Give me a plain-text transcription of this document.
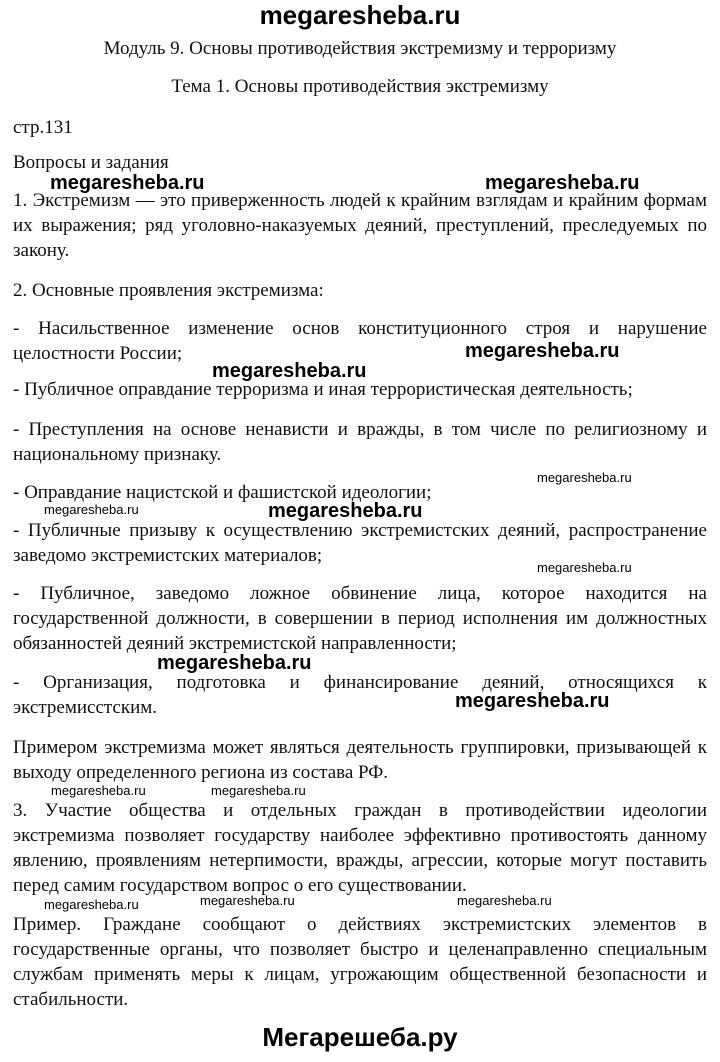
megaresheba.ru
Модуль 9. Основы противодействия экстремизму и терроризму
Тема 1. Основы противодействия экстремизму
стр.131
Вопросы и задания
1. Экстремизм — это приверженность людей к крайним взглядам и крайним формам их выражения; ряд уголовно-наказуемых деяний, преступлений, преследуемых по закону.
2. Основные проявления экстремизма:
- Насильственное изменение основ конституционного строя и нарушение целостности России;
- Публичное оправдание терроризма и иная террористическая деятельность;
- Преступления на основе ненависти и вражды, в том числе по религиозному и национальному признаку.
- Оправдание нацистской и фашистской идеологии;
- Публичные призыву к осуществлению экстремистских деяний, распространение заведомо экстремистских материалов;
- Публичное, заведомо ложное обвинение лица, которое находится на государственной должности, в совершении в период исполнения им должностных обязанностей деяний экстремистской направленности;
- Организация, подготовка и финансирование деяний, относящихся к экстремисстским.
Примером экстремизма может являться деятельность группировки, призывающей к выходу определенного региона из состава РФ.
3. Участие общества и отдельных граждан в противодействии идеологии экстремизма позволяет государству наиболее эффективно противостоять данному явлению, проявлениям нетерпимости, вражды, агрессии, которые могут поставить перед самим государством вопрос о его существовании.
Пример. Граждане сообщают о действиях экстремистских элементов в государственные органы, что позволяет быстро и целенаправленно специальным службам применять меры к лицам, угрожающим общественной безопасности и стабильности.
megaresheba.ru	megaresheba.ru
megaresheba.ru
megaresheba.ru
megaresheba.ru
megaresheba.ru
megaresheba.ru
megaresheba.ru
megaresheba.ru
megaresheba.ru
megaresheba.ru	megaresheba.ru
megaresheba.ru	megaresheba.ru	megaresheba.ru
Мегарешеба.ру
